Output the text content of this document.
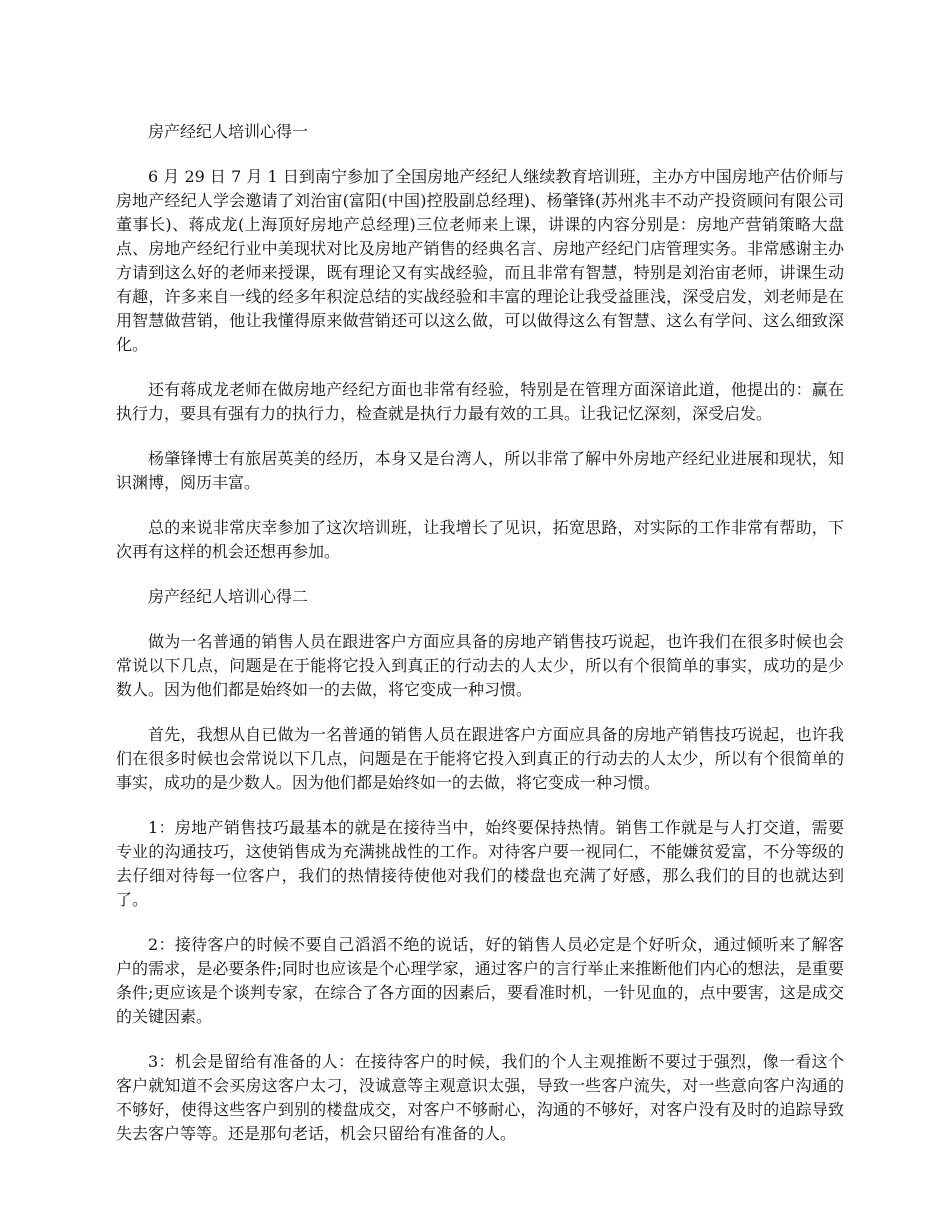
房产经纪人培训心得一

6 月 29 日 7 月 1 日到南宁参加了全国房地产经纪人继续教育培训班，主办方中国房地产估价师与房地产经纪人学会邀请了刘治宙(富阳(中国)控股副总经理)、杨肇锋(苏州兆丰不动产投资顾问有限公司董事长)、蒋成龙(上海顶好房地产总经理)三位老师来上课，讲课的内容分别是：房地产营销策略大盘点、房地产经纪行业中美现状对比及房地产销售的经典名言、房地产经纪门店管理实务。非常感谢主办方请到这么好的老师来授课，既有理论又有实战经验，而且非常有智慧，特别是刘治宙老师，讲课生动有趣，许多来自一线的经多年积淀总结的实战经验和丰富的理论让我受益匪浅，深受启发，刘老师是在用智慧做营销，他让我懂得原来做营销还可以这么做，可以做得这么有智慧、这么有学问、这么细致深化。

还有蒋成龙老师在做房地产经纪方面也非常有经验，特别是在管理方面深谙此道，他提出的：赢在执行力，要具有强有力的执行力，检查就是执行力最有效的工具。让我记忆深刻，深受启发。

杨肇锋博士有旅居英美的经历，本身又是台湾人，所以非常了解中外房地产经纪业进展和现状，知识渊博，阅历丰富。

总的来说非常庆幸参加了这次培训班，让我增长了见识，拓宽思路，对实际的工作非常有帮助，下次再有这样的机会还想再参加。

房产经纪人培训心得二

做为一名普通的销售人员在跟进客户方面应具备的房地产销售技巧说起，也许我们在很多时候也会常说以下几点，问题是在于能将它投入到真正的行动去的人太少，所以有个很简单的事实，成功的是少数人。因为他们都是始终如一的去做，将它变成一种习惯。

首先，我想从自已做为一名普通的销售人员在跟进客户方面应具备的房地产销售技巧说起，也许我们在很多时候也会常说以下几点，问题是在于能将它投入到真正的行动去的人太少，所以有个很简单的事实，成功的是少数人。因为他们都是始终如一的去做，将它变成一种习惯。

1：房地产销售技巧最基本的就是在接待当中，始终要保持热情。销售工作就是与人打交道，需要专业的沟通技巧，这使销售成为充满挑战性的工作。对待客户要一视同仁，不能嫌贫爱富，不分等级的去仔细对待每一位客户，我们的热情接待使他对我们的楼盘也充满了好感，那么我们的目的也就达到了。

2：接待客户的时候不要自己滔滔不绝的说话，好的销售人员必定是个好听众，通过倾听来了解客户的需求，是必要条件;同时也应该是个心理学家，通过客户的言行举止来推断他们内心的想法，是重要条件;更应该是个谈判专家，在综合了各方面的因素后，要看准时机，一针见血的，点中要害，这是成交的关键因素。

3：机会是留给有准备的人：在接待客户的时候，我们的个人主观推断不要过于强烈，像一看这个客户就知道不会买房这客户太刁，没诚意等主观意识太强，导致一些客户流失，对一些意向客户沟通的不够好，使得这些客户到别的楼盘成交，对客户不够耐心，沟通的不够好，对客户没有及时的追踪导致失去客户等等。还是那句老话，机会只留给有准备的人。
